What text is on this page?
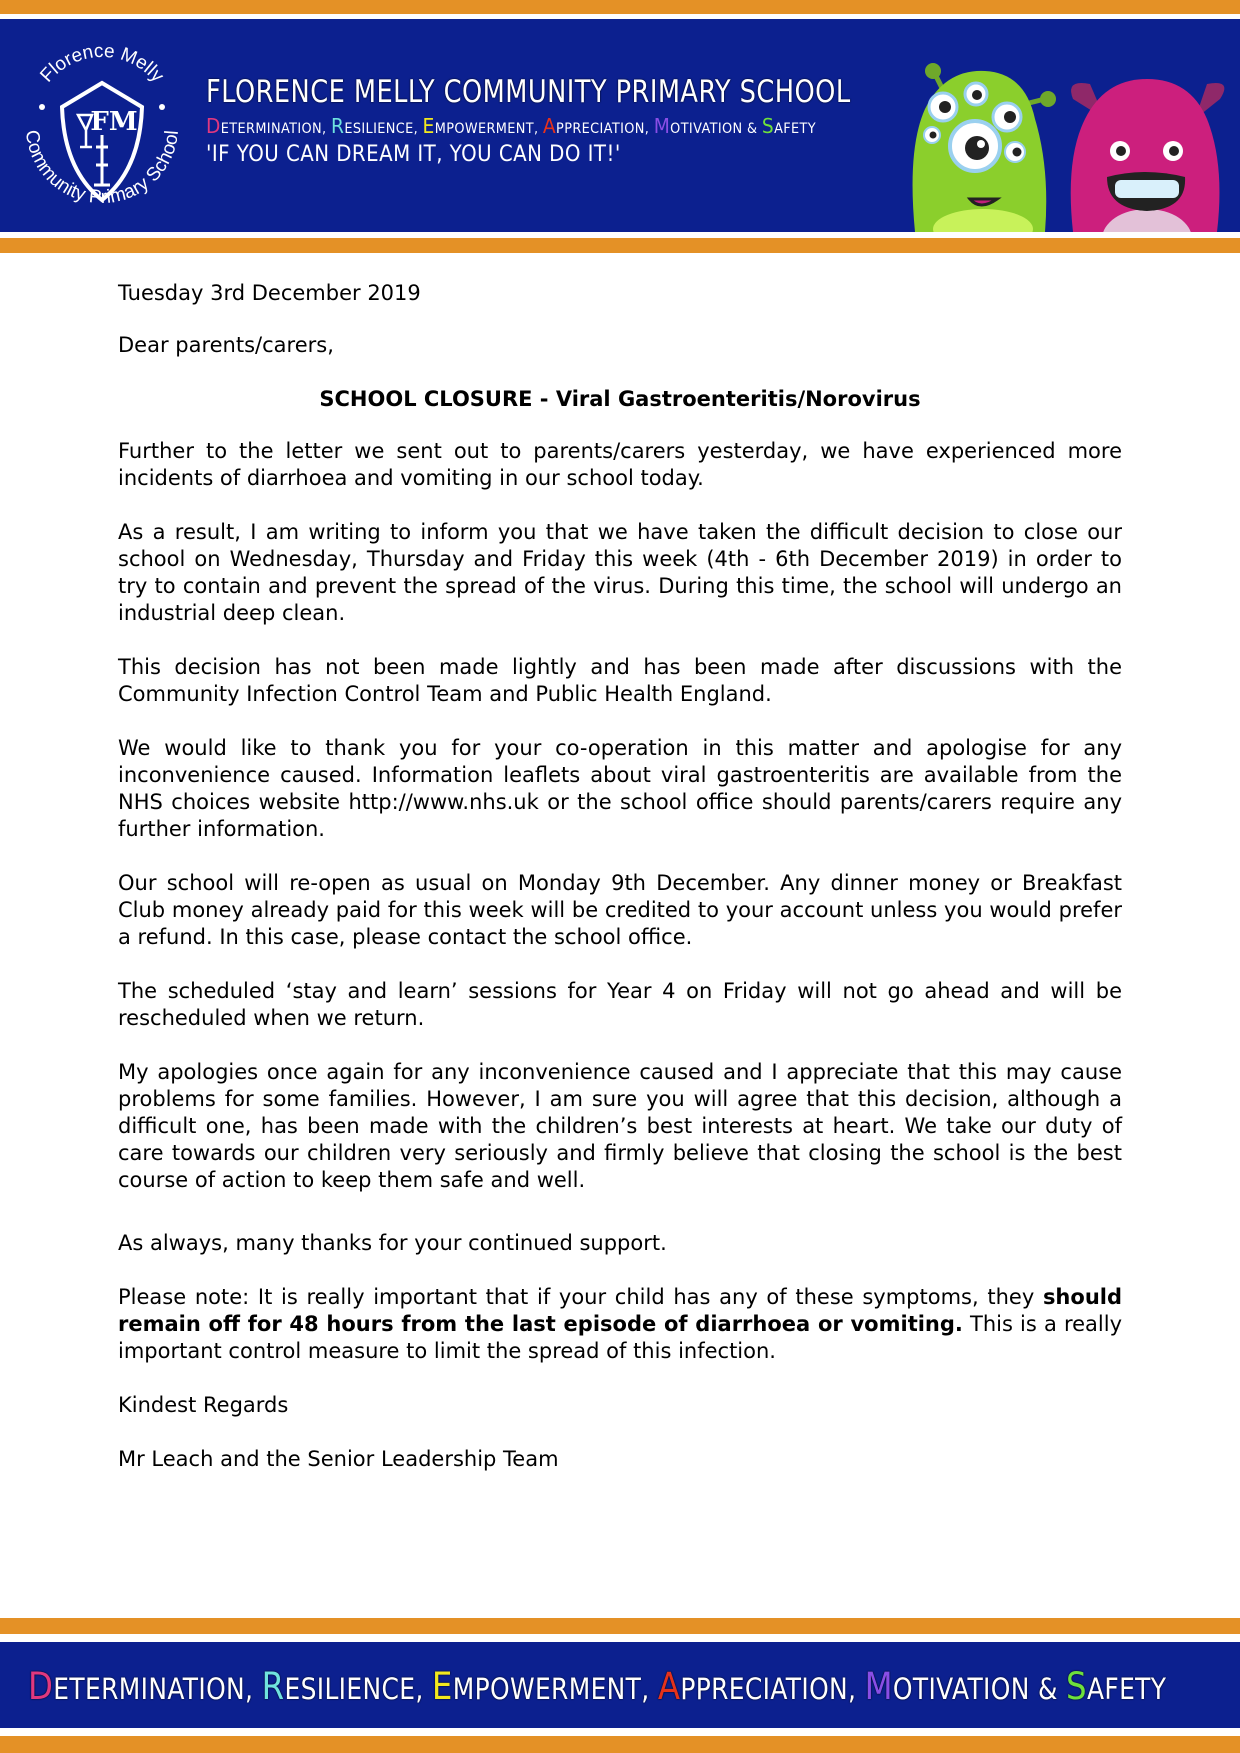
Florence Melly
Community Primary School
FM
FLORENCE MELLY COMMUNITY PRIMARY SCHOOL
DETERMINATION, RESILIENCE, EMPOWERMENT, APPRECIATION, MOTIVATION & SAFETY
'IF YOU CAN DREAM IT, YOU CAN DO IT!'

Tuesday 3rd December 2019

Dear parents/carers,

SCHOOL CLOSURE - Viral Gastroenteritis/Norovirus

Further to the letter we sent out to parents/carers yesterday, we have experienced more incidents of diarrhoea and vomiting in our school today.

As a result, I am writing to inform you that we have taken the difficult decision to close our school on Wednesday, Thursday and Friday this week (4th - 6th December 2019) in order to try to contain and prevent the spread of the virus. During this time, the school will undergo an industrial deep clean.

This decision has not been made lightly and has been made after discussions with the Community Infection Control Team and Public Health England.

We would like to thank you for your co-operation in this matter and apologise for any inconvenience caused. Information leaflets about viral gastroenteritis are available from the NHS choices website http://www.nhs.uk or the school office should parents/carers require any further information.

Our school will re-open as usual on Monday 9th December. Any dinner money or Breakfast Club money already paid for this week will be credited to your account unless you would prefer a refund. In this case, please contact the school office.

The scheduled ‘stay and learn’ sessions for Year 4 on Friday will not go ahead and will be rescheduled when we return.

My apologies once again for any inconvenience caused and I appreciate that this may cause problems for some families. However, I am sure you will agree that this decision, although a difficult one, has been made with the children’s best interests at heart. We take our duty of care towards our children very seriously and firmly believe that closing the school is the best course of action to keep them safe and well.

As always, many thanks for your continued support.

Please note: It is really important that if your child has any of these symptoms, they should remain off for 48 hours from the last episode of diarrhoea or vomiting. This is a really important control measure to limit the spread of this infection.

Kindest Regards

Mr Leach and the Senior Leadership Team

DETERMINATION, RESILIENCE, EMPOWERMENT, APPRECIATION, MOTIVATION & SAFETY
